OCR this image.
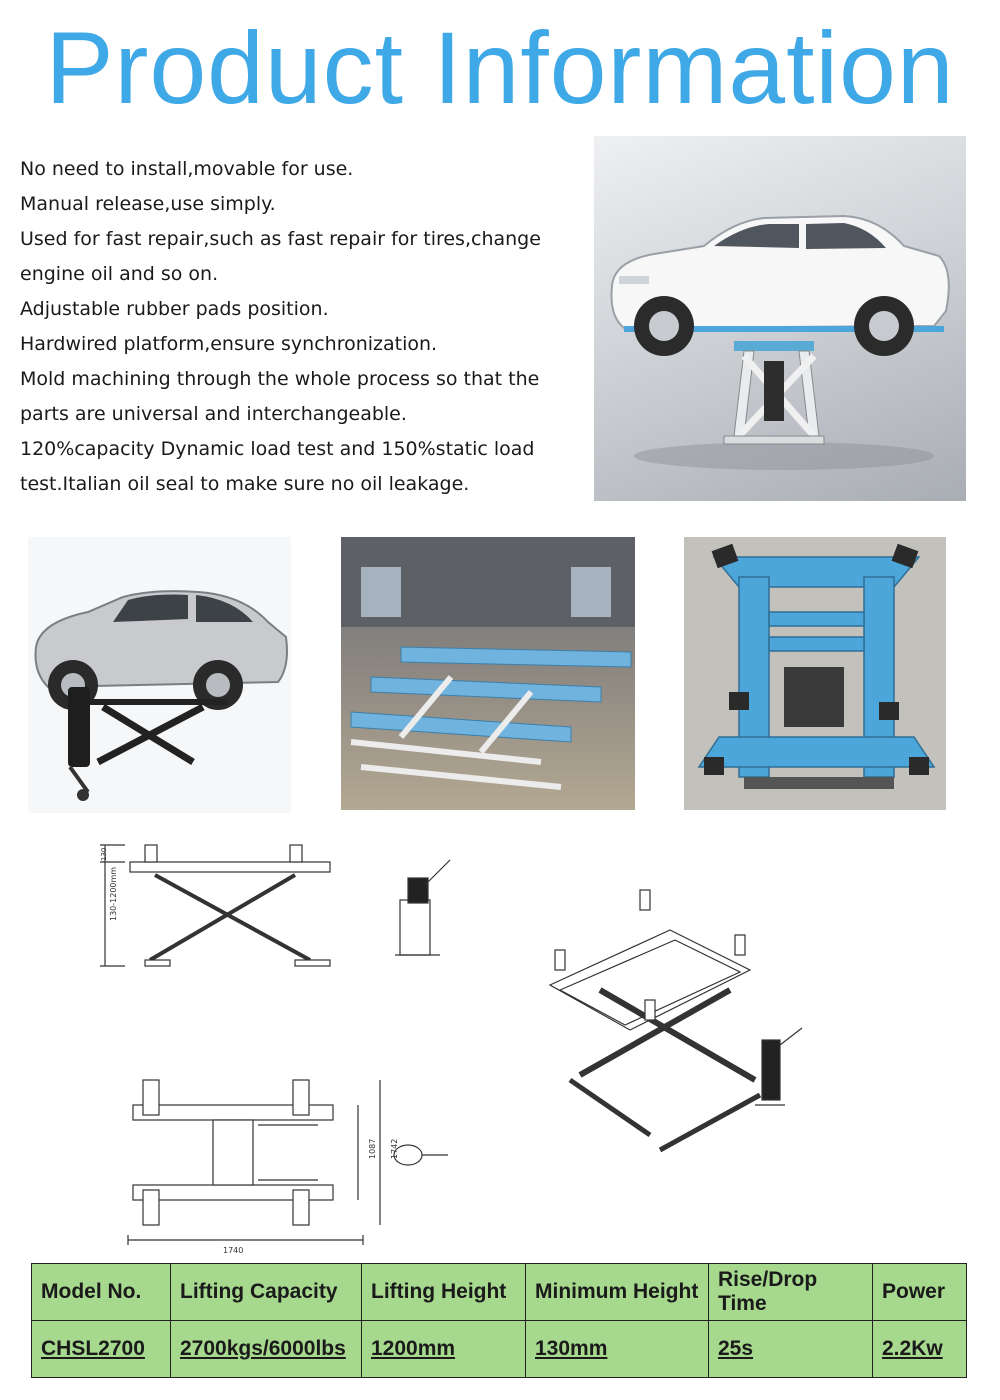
Product Information
No need to install,movable for use.
Manual release,use simply.
Used for fast repair,such as fast repair for tires,change
engine oil and so on.
Adjustable rubber pads position.
Hardwired platform,ensure synchronization.
Mold machining through the whole process so that the
parts are universal and interchangeable.
120%capacity Dynamic load test and 150%static load
test.Italian oil seal to make sure no oil leakage.
130-1200mm
130
1740
1087 1742
Model No.	Lifting Capacity	Lifting Height	Minimum Height	Rise/Drop Time	Power
CHSL2700	2700kgs/6000lbs	1200mm	130mm	25s	2.2Kw
